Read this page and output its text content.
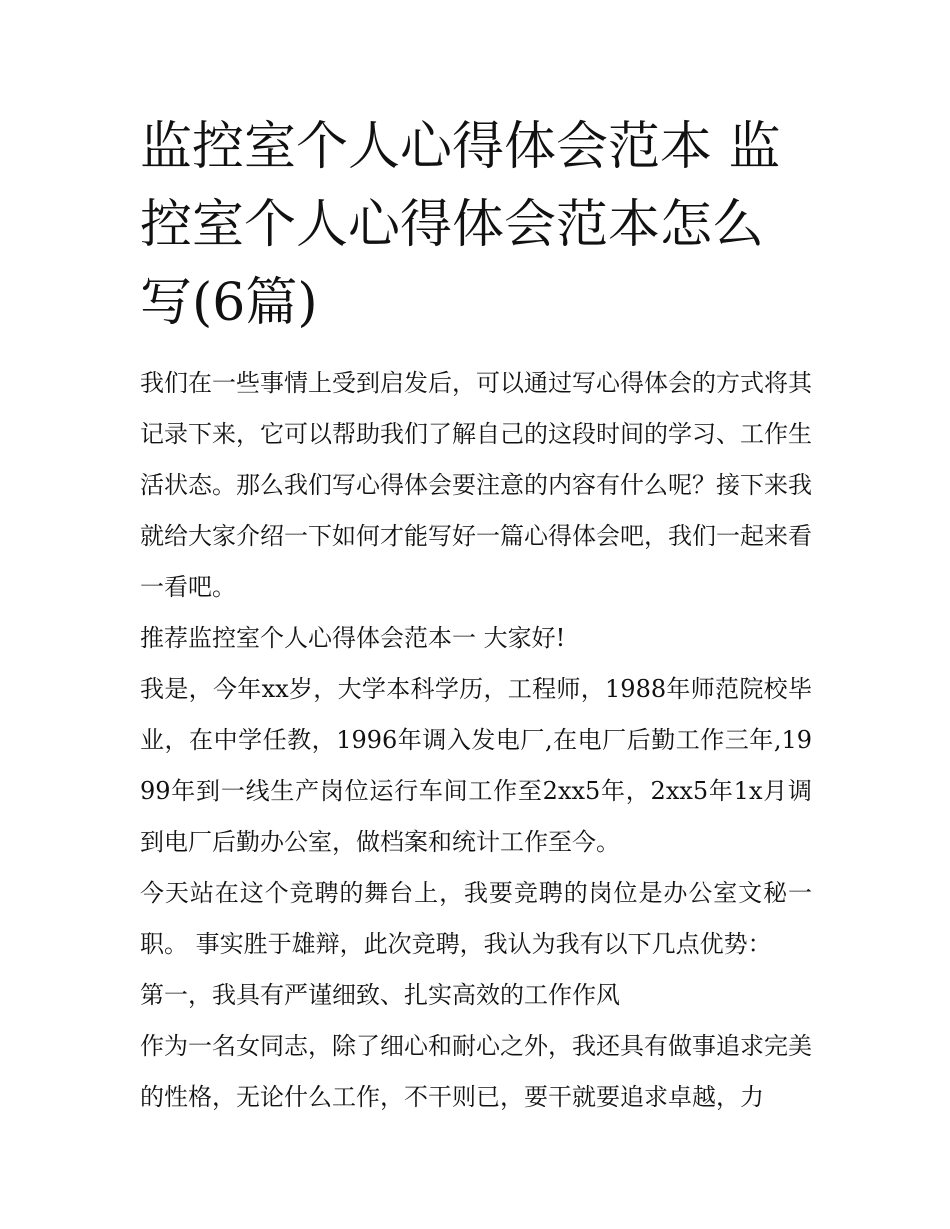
监控室个人心得体会范本 监控室个人心得体会范本怎么写(6篇)

我们在一些事情上受到启发后，可以通过写心得体会的方式将其记录下来，它可以帮助我们了解自己的这段时间的学习、工作生活状态。那么我们写心得体会要注意的内容有什么呢？接下来我就给大家介绍一下如何才能写好一篇心得体会吧，我们一起来看一看吧。

推荐监控室个人心得体会范本一 大家好!

我是，今年xx岁，大学本科学历，工程师，1988年师范院校毕业，在中学任教，1996年调入发电厂,在电厂后勤工作三年,1999年到一线生产岗位运行车间工作至2xx5年，2xx5年1x月调到电厂后勤办公室，做档案和统计工作至今。

今天站在这个竞聘的舞台上，我要竞聘的岗位是办公室文秘一职。 事实胜于雄辩，此次竞聘，我认为我有以下几点优势：

第一，我具有严谨细致、扎实高效的工作作风

作为一名女同志，除了细心和耐心之外，我还具有做事追求完美的性格，无论什么工作，不干则已，要干就要追求卓越，力
